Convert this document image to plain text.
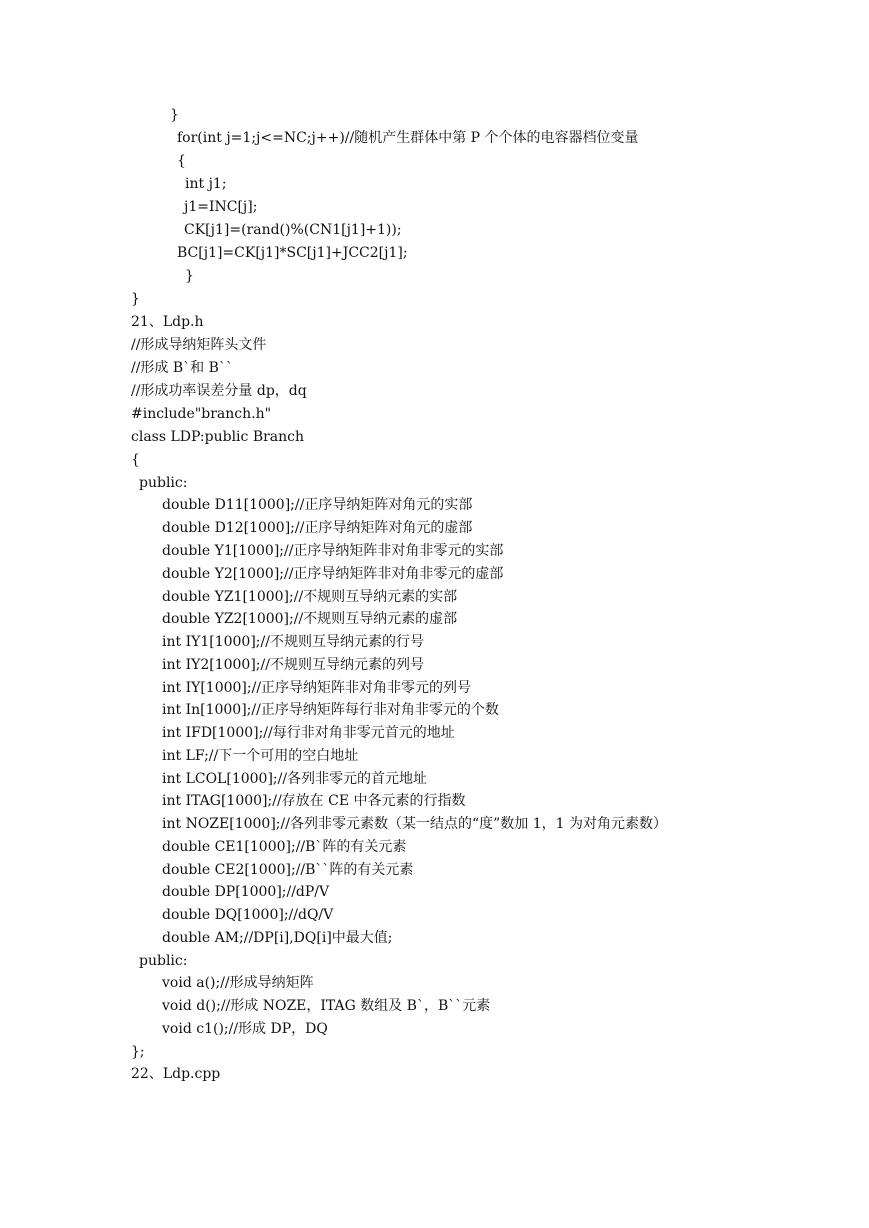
}
for(int j=1;j<=NC;j++)//随机产生群体中第 P 个个体的电容器档位变量
{
int j1;
j1=INC[j];
CK[j1]=(rand()%(CN1[j1]+1));
BC[j1]=CK[j1]*SC[j1]+JCC2[j1];
}
}
21、Ldp.h
//形成导纳矩阵头文件
//形成 B`和 B``
//形成功率误差分量 dp，dq
#include"branch.h"
class LDP:public Branch
{
public:
double D11[1000];//正序导纳矩阵对角元的实部
double D12[1000];//正序导纳矩阵对角元的虚部
double Y1[1000];//正序导纳矩阵非对角非零元的实部
double Y2[1000];//正序导纳矩阵非对角非零元的虚部
double YZ1[1000];//不规则互导纳元素的实部
double YZ2[1000];//不规则互导纳元素的虚部
int IY1[1000];//不规则互导纳元素的行号
int IY2[1000];//不规则互导纳元素的列号
int IY[1000];//正序导纳矩阵非对角非零元的列号
int In[1000];//正序导纳矩阵每行非对角非零元的个数
int IFD[1000];//每行非对角非零元首元的地址
int LF;//下一个可用的空白地址
int LCOL[1000];//各列非零元的首元地址
int ITAG[1000];//存放在 CE 中各元素的行指数
int NOZE[1000];//各列非零元素数（某一结点的“度”数加 1，1 为对角元素数）
double CE1[1000];//B`阵的有关元素
double CE2[1000];//B``阵的有关元素
double DP[1000];//dP/V
double DQ[1000];//dQ/V
double AM;//DP[i],DQ[i]中最大值;
public:
void a();//形成导纳矩阵
void d();//形成 NOZE，ITAG 数组及 B`，B``元素
void c1();//形成 DP，DQ
};
22、Ldp.cpp
